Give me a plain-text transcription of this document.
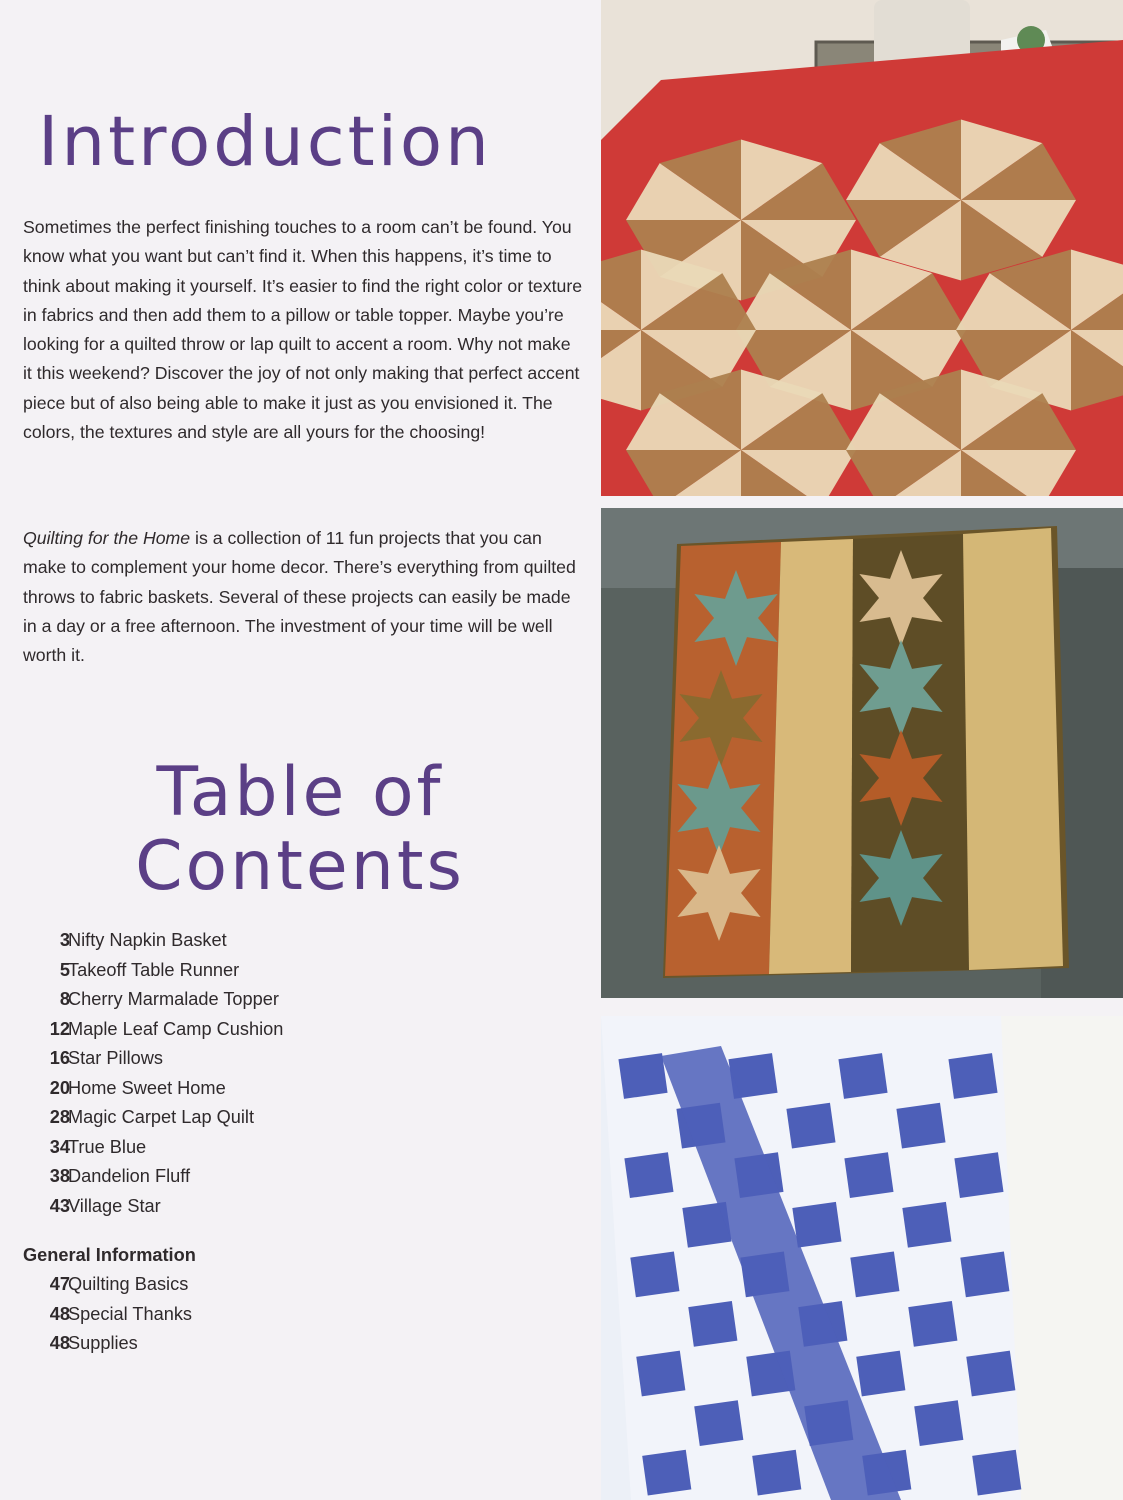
Introduction

Sometimes the perfect finishing touches to a room can’t be found. You know what you want but can’t find it. When this happens, it’s time to think about making it yourself. It’s easier to find the right color or texture in fabrics and then add them to a pillow or table topper. Maybe you’re looking for a quilted throw or lap quilt to accent a room. Why not make it this weekend? Discover the joy of not only making that perfect accent piece but of also being able to make it just as you envisioned it. The colors, the textures and style are all yours for the choosing!

Quilting for the Home is a collection of 11 fun projects that you can make to complement your home decor. There’s everything from quilted throws to fabric baskets. Several of these projects can easily be made in a day or a free afternoon. The investment of your time will be well worth it.

Table of
Contents
3
Nifty Napkin Basket
5
Takeoff Table Runner
8
Cherry Marmalade Topper
12
Maple Leaf Camp Cushion
16
Star Pillows
20
Home Sweet Home
28
Magic Carpet Lap Quilt
34
True Blue
38
Dandelion Fluff
43
Village Star
General Information
47
Quilting Basics
48
Special Thanks
48
Supplies
